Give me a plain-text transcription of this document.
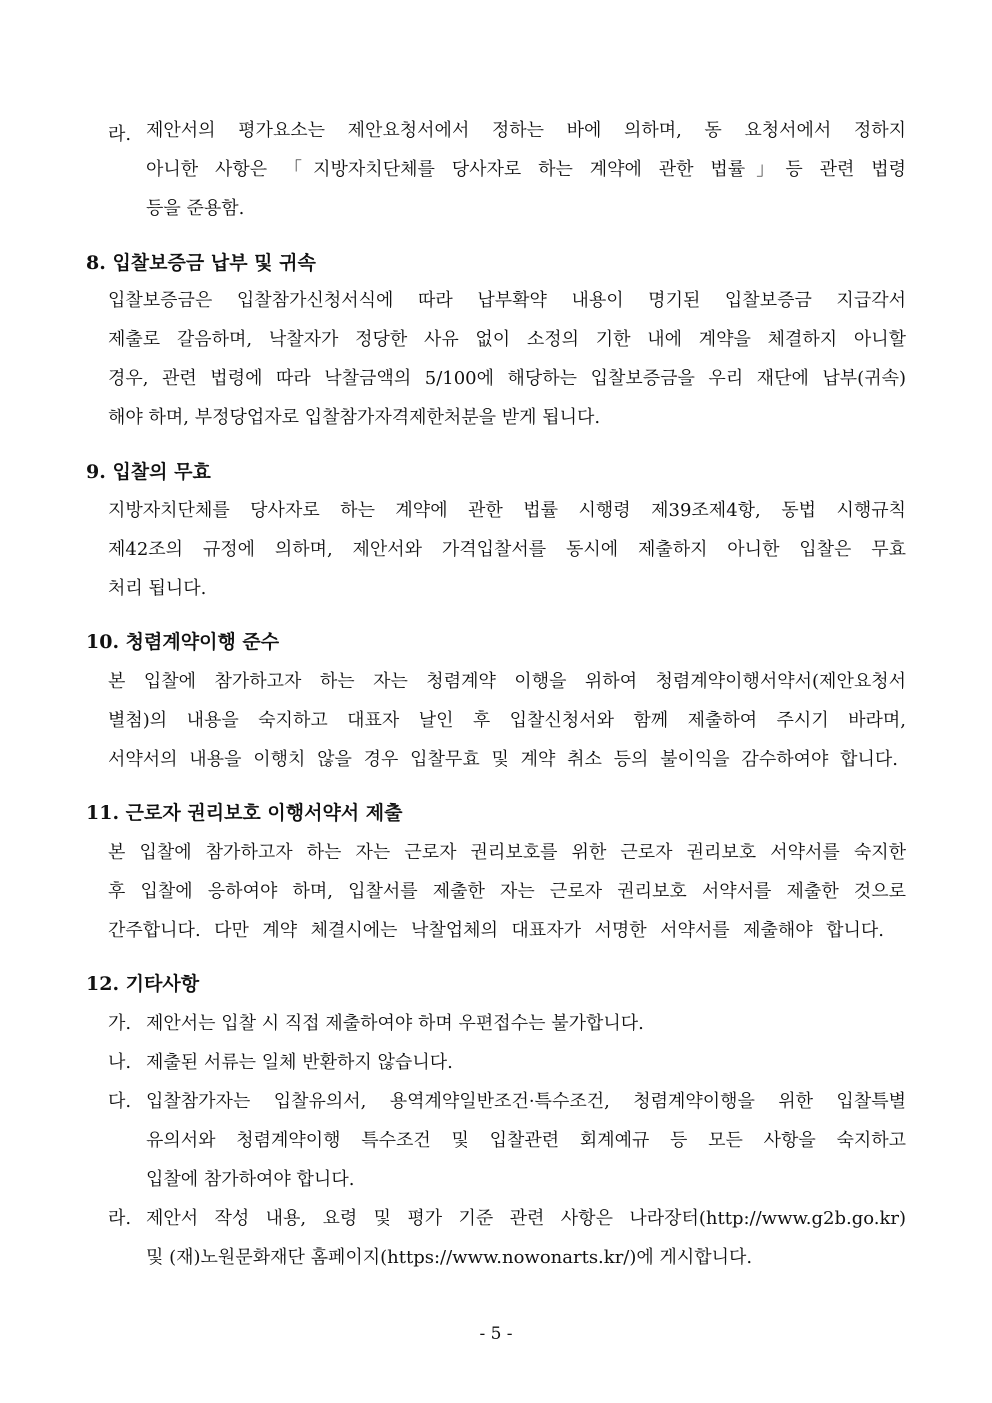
라. 제안서의 평가요소는 제안요청서에서 정하는 바에 의하며, 동 요청서에서 정하지
아니한 사항은 「지방자치단체를 당사자로 하는 계약에 관한 법률」등 관련 법령
등을 준용함.
8. 입찰보증금 납부 및 귀속
입찰보증금은 입찰참가신청서식에 따라 납부확약 내용이 명기된 입찰보증금 지급각서
제출로 갈음하며, 낙찰자가 정당한 사유 없이 소정의 기한 내에 계약을 체결하지 아니할
경우, 관련 법령에 따라 낙찰금액의 5/100에 해당하는 입찰보증금을 우리 재단에 납부(귀속)
해야 하며, 부정당업자로 입찰참가자격제한처분을 받게 됩니다.
9. 입찰의 무효
지방자치단체를 당사자로 하는 계약에 관한 법률 시행령 제39조제4항, 동법 시행규칙
제42조의 규정에 의하며, 제안서와 가격입찰서를 동시에 제출하지 아니한 입찰은 무효
처리 됩니다.
10. 청렴계약이행 준수
본 입찰에 참가하고자 하는 자는 청렴계약 이행을 위하여 청렴계약이행서약서(제안요청서
별첨)의 내용을 숙지하고 대표자 날인 후 입찰신청서와 함께 제출하여 주시기 바라며,
서약서의 내용을 이행치 않을 경우 입찰무효 및 계약 취소 등의 불이익을 감수하여야 합니다.
11. 근로자 권리보호 이행서약서 제출
본 입찰에 참가하고자 하는 자는 근로자 권리보호를 위한 근로자 권리보호 서약서를 숙지한
후 입찰에 응하여야 하며, 입찰서를 제출한 자는 근로자 권리보호 서약서를 제출한 것으로
간주합니다. 다만 계약 체결시에는 낙찰업체의 대표자가 서명한 서약서를 제출해야 합니다.
12. 기타사항
가. 제안서는 입찰 시 직접 제출하여야 하며 우편접수는 불가합니다.
나. 제출된 서류는 일체 반환하지 않습니다.
다. 입찰참가자는 입찰유의서, 용역계약일반조건·특수조건, 청렴계약이행을 위한 입찰특별
유의서와 청렴계약이행 특수조건 및 입찰관련 회계예규 등 모든 사항을 숙지하고
입찰에 참가하여야 합니다.
라. 제안서 작성 내용, 요령 및 평가 기준 관련 사항은 나라장터(http://www.g2b.go.kr)
및 (재)노원문화재단 홈페이지(https://www.nowonarts.kr/)에 게시합니다.
- 5 -
